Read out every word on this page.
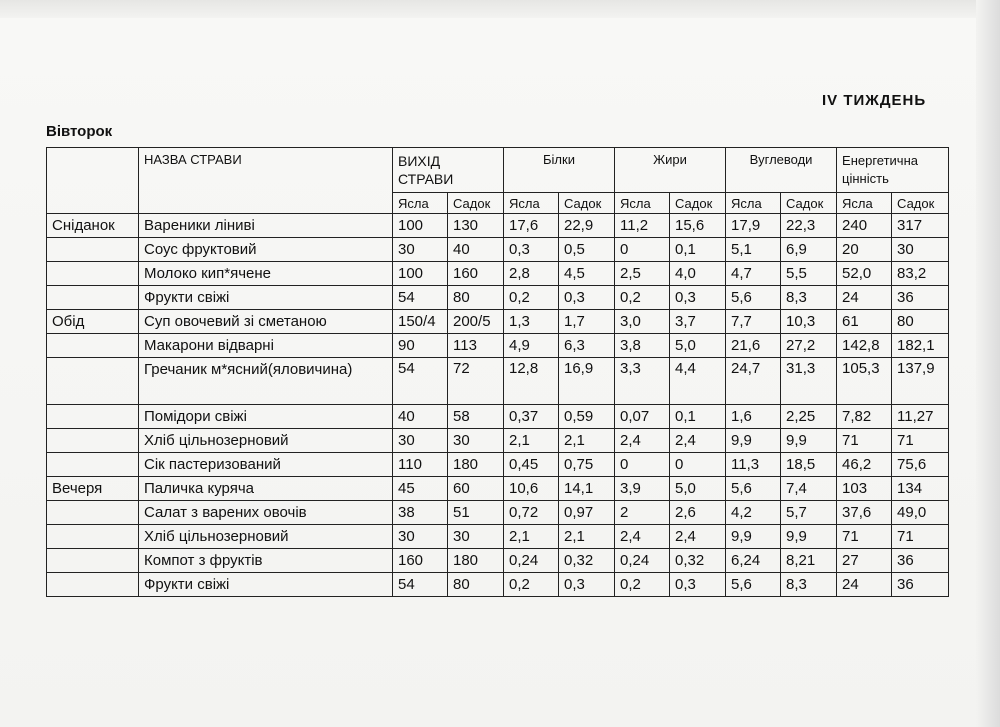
IV ТИЖДЕНЬ
Вівторок
	НАЗВА СТРАВИ	ВИХІД СТРАВИ		Білки		Жири		Вуглеводи		Енергетична цінність	
		Ясла	Садок	Ясла	Садок	Ясла	Садок	Ясла	Садок	Ясла	Садок
Сніданок	Вареники ліниві	100	130	17,6	22,9	11,2	15,6	17,9	22,3	240	317
	Соус фруктовий	30	40	0,3	0,5	0	0,1	5,1	6,9	20	30
	Молоко кип*ячене	100	160	2,8	4,5	2,5	4,0	4,7	5,5	52,0	83,2
	Фрукти свіжі	54	80	0,2	0,3	0,2	0,3	5,6	8,3	24	36
Обід	Суп овочевий зі сметаною	150/4	200/5	1,3	1,7	3,0	3,7	7,7	10,3	61	80
	Макарони відварні	90	113	4,9	6,3	3,8	5,0	21,6	27,2	142,8	182,1
	Гречаник м*ясний(яловичина)	54	72	12,8	16,9	3,3	4,4	24,7	31,3	105,3	137,9
	Помідори свіжі	40	58	0,37	0,59	0,07	0,1	1,6	2,25	7,82	11,27
	Хліб цільнозерновий	30	30	2,1	2,1	2,4	2,4	9,9	9,9	71	71
	Сік пастеризований	110	180	0,45	0,75	0	0	11,3	18,5	46,2	75,6
Вечеря	Паличка куряча	45	60	10,6	14,1	3,9	5,0	5,6	7,4	103	134
	Салат з варених овочів	38	51	0,72	0,97	2	2,6	4,2	5,7	37,6	49,0
	Хліб цільнозерновий	30	30	2,1	2,1	2,4	2,4	9,9	9,9	71	71
	Компот з фруктів	160	180	0,24	0,32	0,24	0,32	6,24	8,21	27	36
	Фрукти свіжі	54	80	0,2	0,3	0,2	0,3	5,6	8,3	24	36
